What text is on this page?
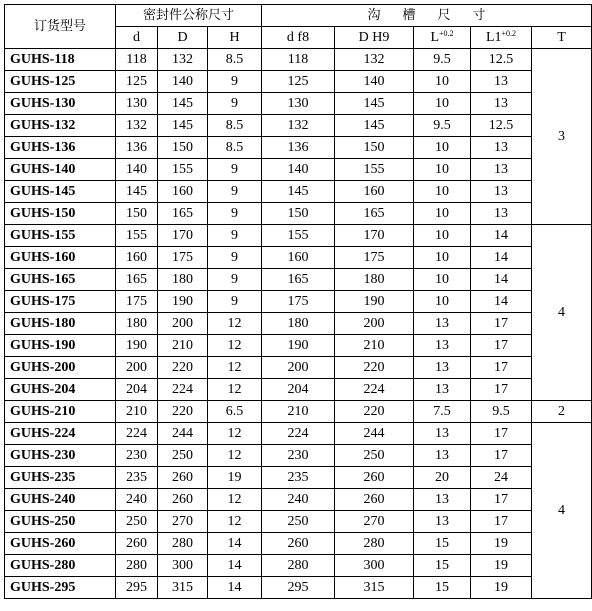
订货型号	密封件公称尺寸			沟槽尺寸				
	d	D	H	d f8	D H9	$L^{+0.2}$	$L1^{+0.2}$	T
GUHS-118	118	132	8.5	118	132	9.5	12.5	3
GUHS-125	125	140	9	125	140	10	13	
GUHS-130	130	145	9	130	145	10	13	
GUHS-132	132	145	8.5	132	145	9.5	12.5	
GUHS-136	136	150	8.5	136	150	10	13	
GUHS-140	140	155	9	140	155	10	13	
GUHS-145	145	160	9	145	160	10	13	
GUHS-150	150	165	9	150	165	10	13	
GUHS-155	155	170	9	155	170	10	14	4
GUHS-160	160	175	9	160	175	10	14	
GUHS-165	165	180	9	165	180	10	14	
GUHS-175	175	190	9	175	190	10	14	
GUHS-180	180	200	12	180	200	13	17	
GUHS-190	190	210	12	190	210	13	17	
GUHS-200	200	220	12	200	220	13	17	
GUHS-204	204	224	12	204	224	13	17	
GUHS-210	210	220	6.5	210	220	7.5	9.5	2
GUHS-224	224	244	12	224	244	13	17	4
GUHS-230	230	250	12	230	250	13	17	
GUHS-235	235	260	19	235	260	20	24	
GUHS-240	240	260	12	240	260	13	17	
GUHS-250	250	270	12	250	270	13	17	
GUHS-260	260	280	14	260	280	15	19	
GUHS-280	280	300	14	280	300	15	19	
GUHS-295	295	315	14	295	315	15	19	
